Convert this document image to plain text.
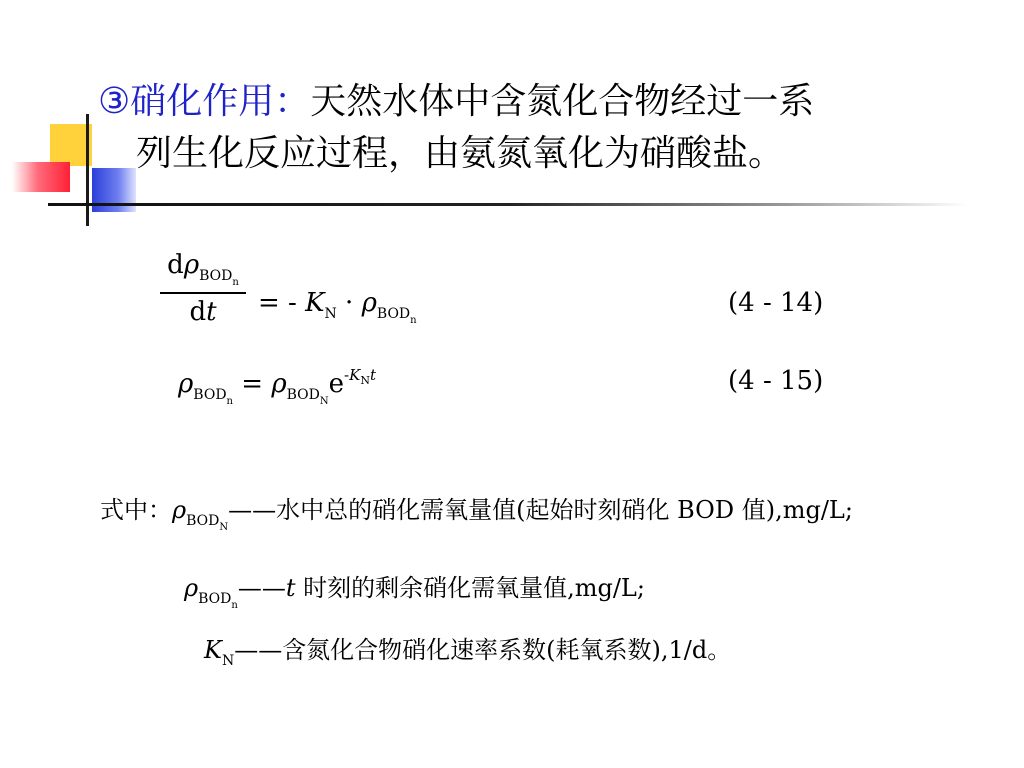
③硝化作用：天然水体中含氮化合物经过一系
列生化反应过程，由氨氮氧化为硝酸盐。
$d\rho_{BOD_n}$
dt	= - $K_N \cdot \rho_{BOD_n}$
(4 - 14)
$\rho_{BOD_n} = \rho_{BOD_N}e^{-K_Nt}$	(4 - 15)
式中：$\rho_{BOD_N}——$水中总的硝化需氧量值(起始时刻硝化 BOD 值),mg/L;
$\rho_{BOD_n}——t$ 时刻的剩余硝化需氧量值,mg/L;
$K_N——$含氮化合物硝化速率系数(耗氧系数),1/d。
